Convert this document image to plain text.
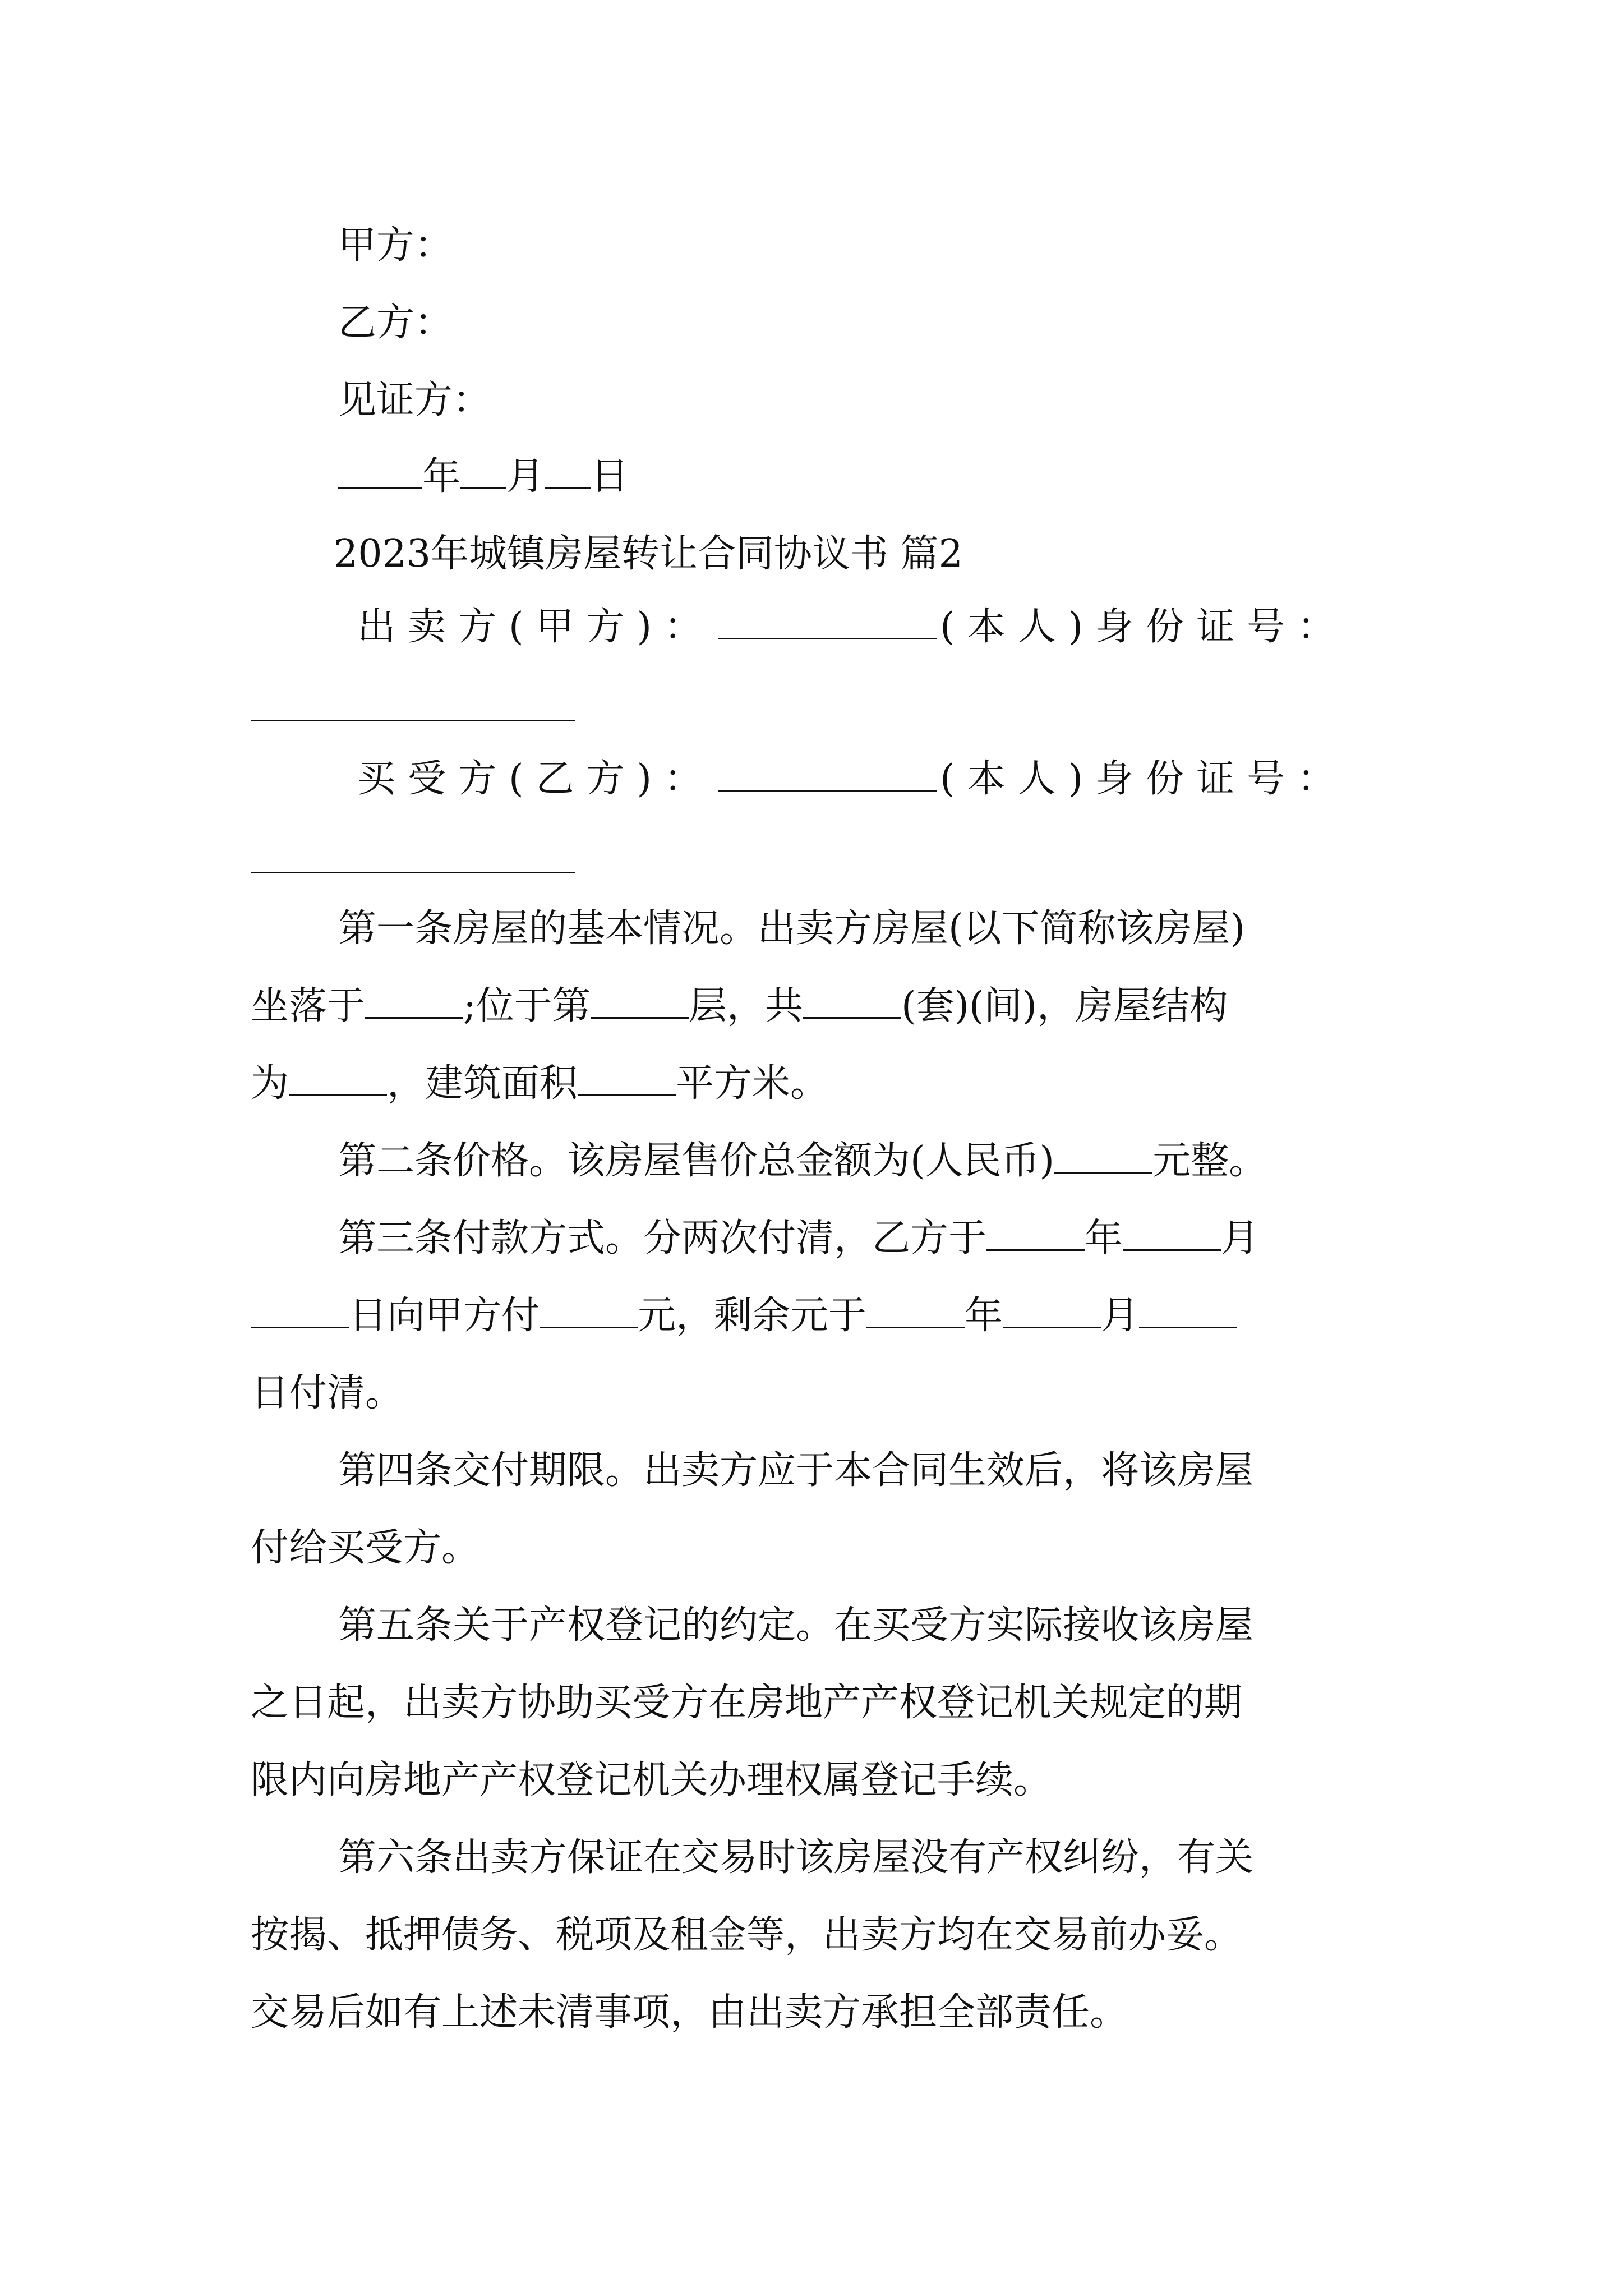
甲方：
乙方：
见证方：
年 月 日
2023年城镇房屋转让合同协议书 篇2
出卖方(甲方)：	(本人)身份证号：
买受方(乙方)：	(本人)身份证号：
第一条房屋的基本情况。出卖方房屋(以下简称该房屋)
坐落于	;位于第	层，共	(套)(间)，房屋结构
为	，建筑面积	平方米。
第二条价格。该房屋售价总金额为(人民币)	元整。
第三条付款方式。分两次付清，乙方于	年	月
日向甲方付	元，剩余元于	年	月
日付清。
第四条交付期限。出卖方应于本合同生效后，将该房屋
付给买受方。
第五条关于产权登记的约定。在买受方实际接收该房屋
之日起，出卖方协助买受方在房地产产权登记机关规定的期
限内向房地产产权登记机关办理权属登记手续。
第六条出卖方保证在交易时该房屋没有产权纠纷，有关
按揭、抵押债务、税项及租金等，出卖方均在交易前办妥。
交易后如有上述未清事项，由出卖方承担全部责任。
